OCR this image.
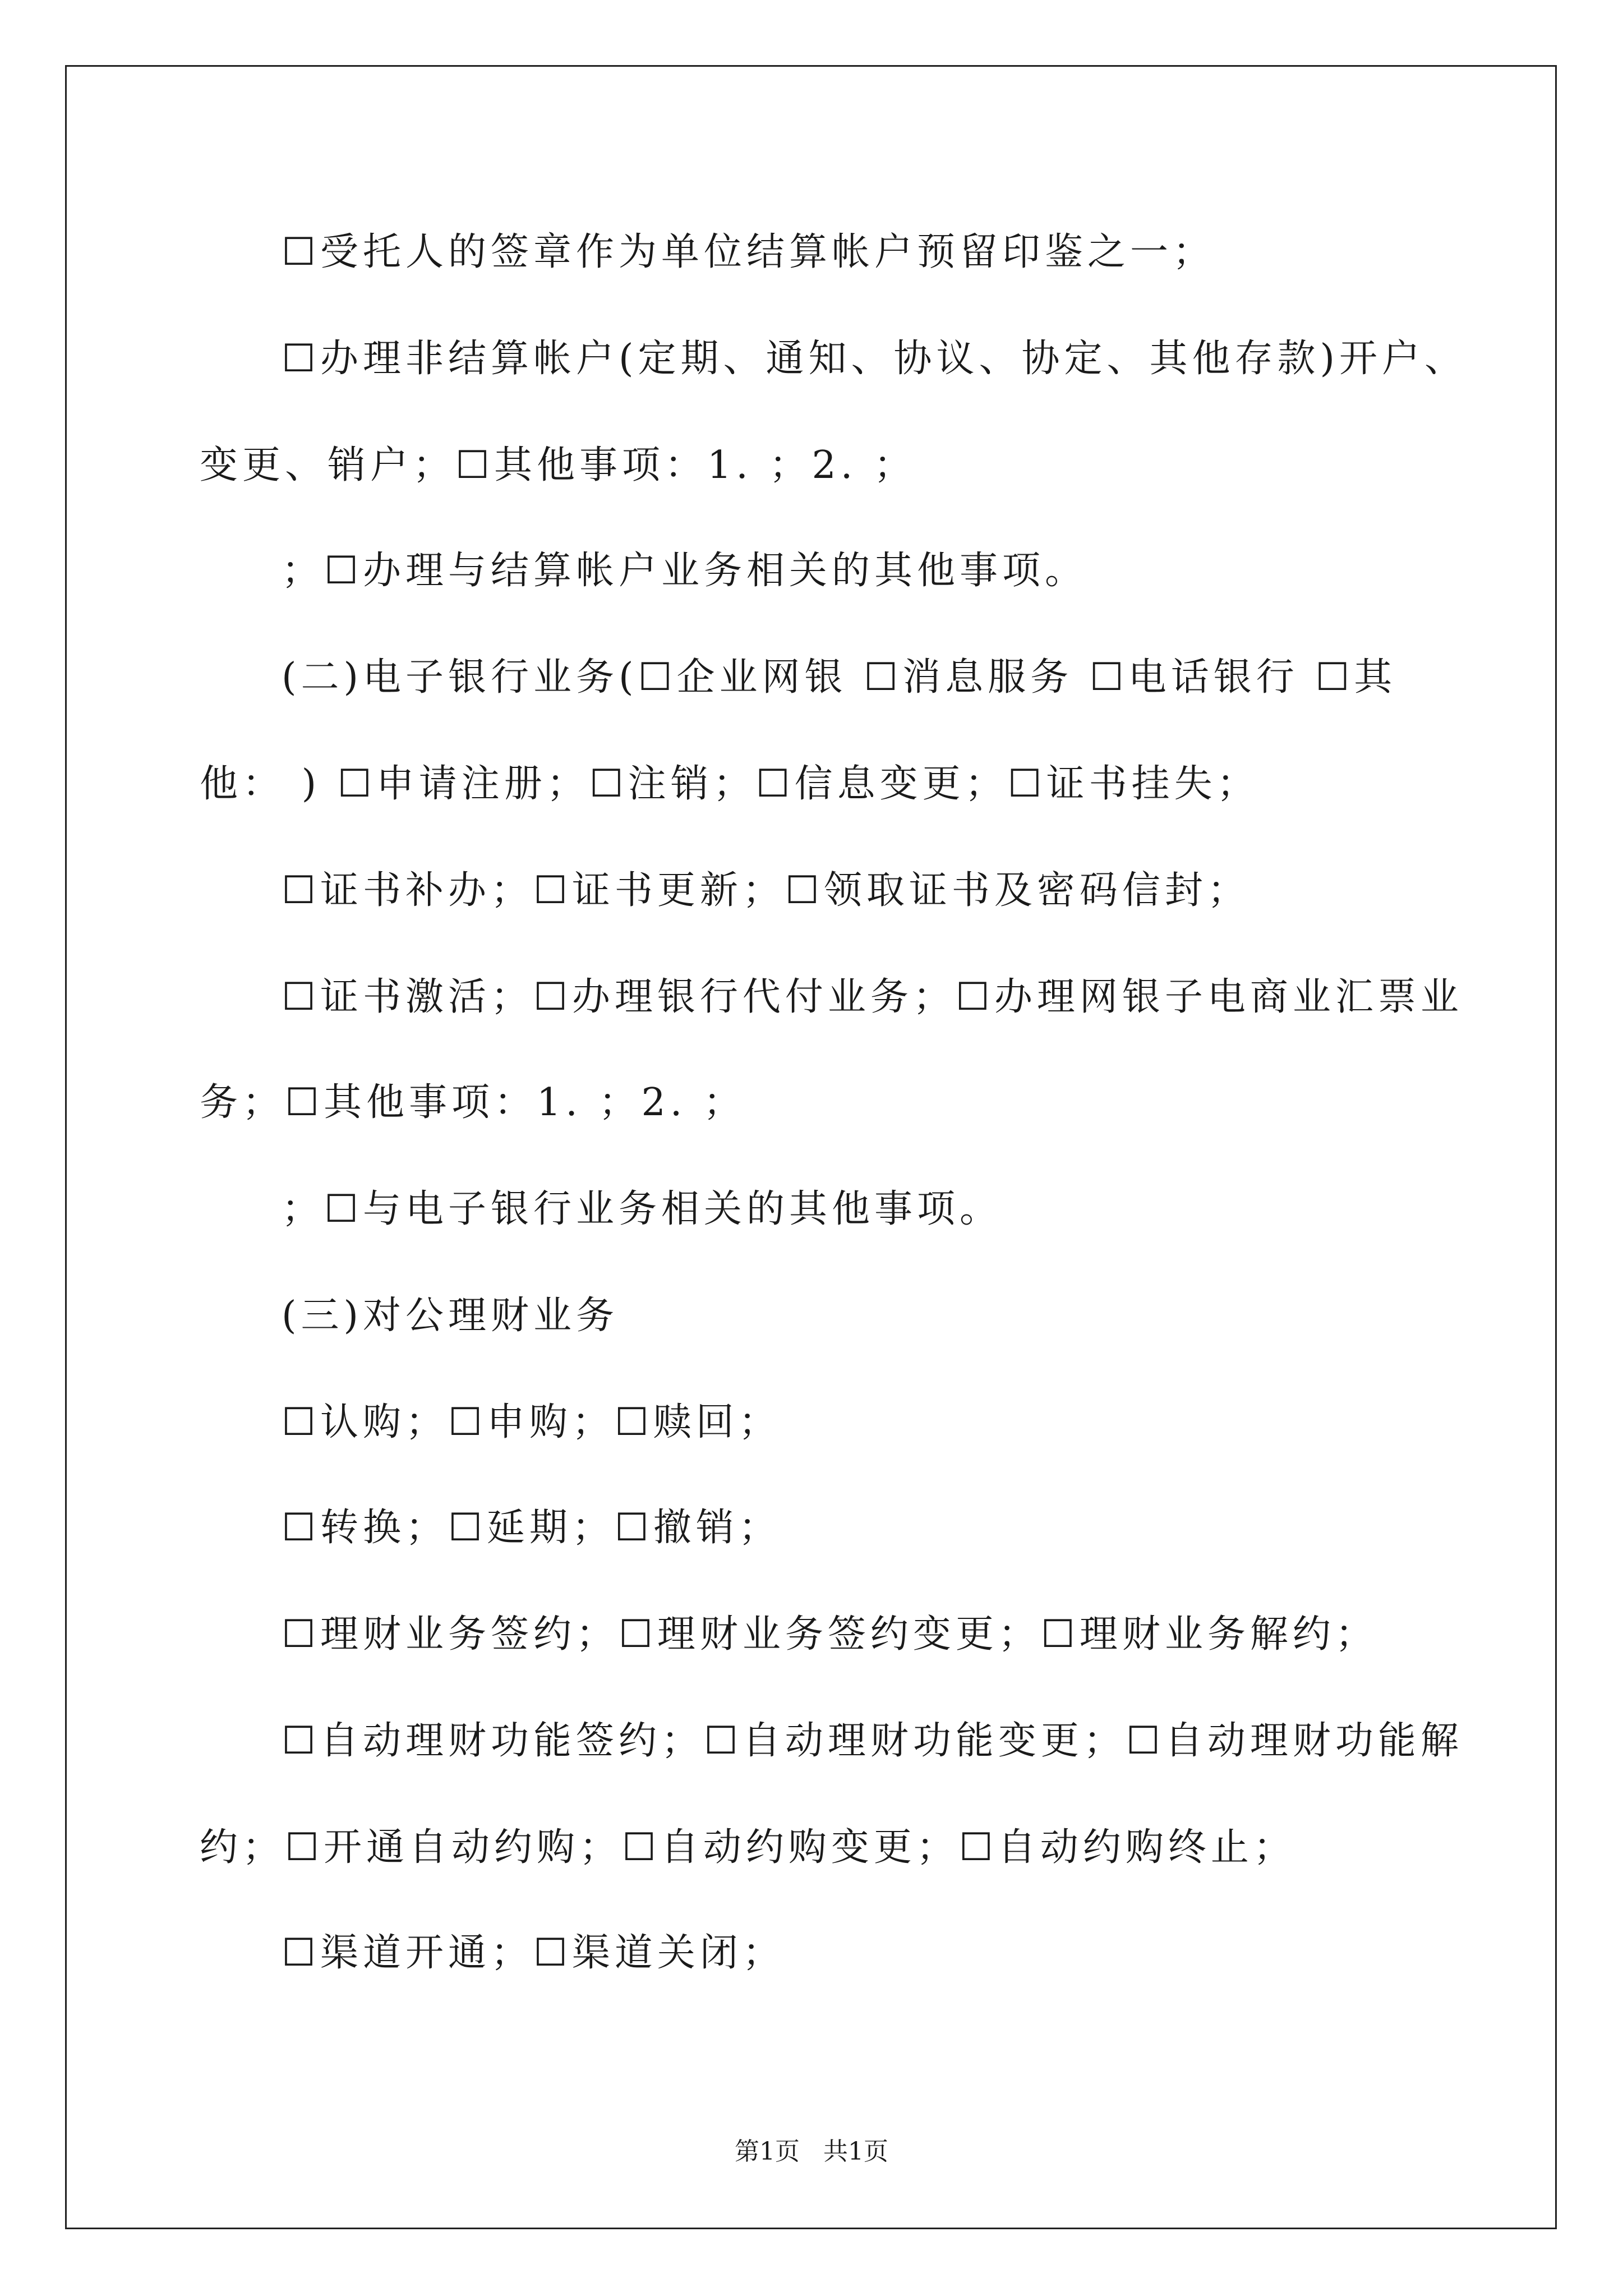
☐受托人的签章作为单位结算帐户预留印鉴之一；
☐办理非结算帐户(定期、通知、协议、协定、其他存款)开户、
变更、销户；☐其他事项：1. ；2. ；
；☐办理与结算帐户业务相关的其他事项。
(二)电子银行业务(☐企业网银 ☐消息服务 ☐电话银行 ☐其
他： ) ☐申请注册；☐注销；☐信息变更；☐证书挂失；
☐证书补办；☐证书更新；☐领取证书及密码信封；
☐证书激活；☐办理银行代付业务；☐办理网银子电商业汇票业
务；☐其他事项：1. ；2. ；
；☐与电子银行业务相关的其他事项。
(三)对公理财业务
☐认购；☐申购；☐赎回；
☐转换；☐延期；☐撤销；
☐理财业务签约；☐理财业务签约变更；☐理财业务解约；
☐自动理财功能签约；☐自动理财功能变更；☐自动理财功能解
约；☐开通自动约购；☐自动约购变更；☐自动约购终止；
☐渠道开通；☐渠道关闭；
第1页   共1页
